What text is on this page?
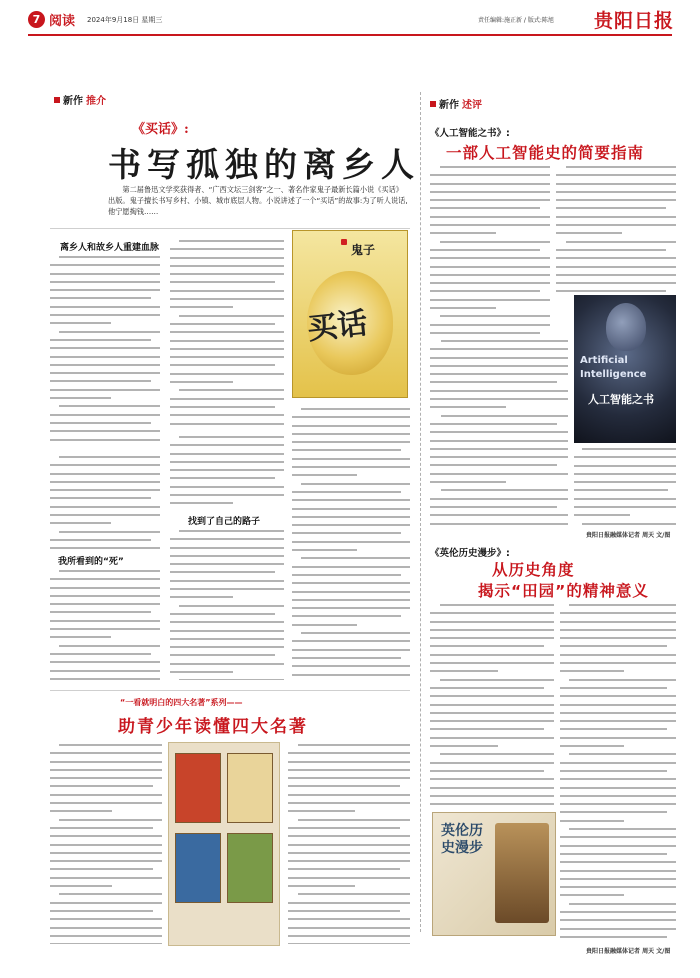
7 阅读 2024年9月18日 星期三	责任编辑:施正新 / 版式:陈旭 贵阳日报
新作 推介	新作 述评
《买话》:
书写孤独的离乡人
第二届鲁迅文学奖获得者、“广西文坛三剑客”之一、著名作家鬼子最新长篇小说《买话》出版。鬼子擅长书写乡村、小镇、城市底层人物。小说讲述了一个“买话”的故事:为了听人说话,他宁愿掏钱……
离乡人和故乡人重建血脉	鬼子
买话
我所看到的“死”
找到了自己的路子
“一看就明白的四大名著”系列——
助青少年读懂四大名著
《人工智能之书》:
一部人工智能史的简要指南
Artificial
Intelligence
人工智能之书
贵阳日报融媒体记者 周天 文/图
《英伦历史漫步》:
从历史角度
揭示“田园”的精神意义
英伦历史漫步
贵阳日报融媒体记者 周天 文/图
